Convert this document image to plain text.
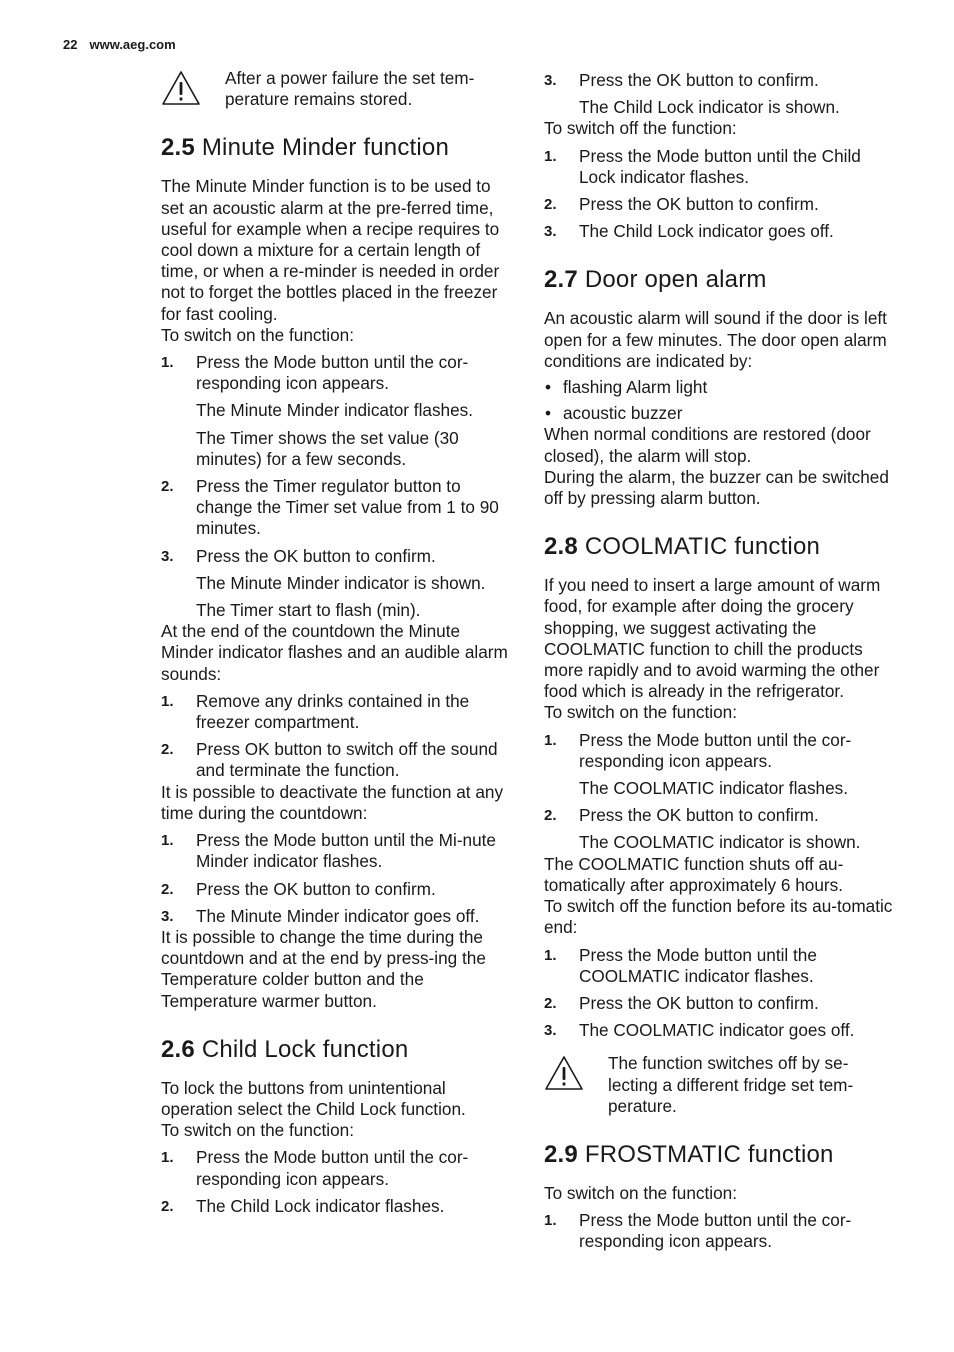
22 www.aeg.com

After a power failure the set tem-perature remains stored.

2.5 Minute Minder function

The Minute Minder function is to be used to set an acoustic alarm at the pre-ferred time, useful for example when a recipe requires to cool down a mixture for a certain length of time, or when a re-minder is needed in order not to forget the bottles placed in the freezer for fast cooling.

To switch on the function:

1. Press the Mode button until the cor-responding icon appears.
The Minute Minder indicator flashes.
The Timer shows the set value (30 minutes) for a few seconds.
2. Press the Timer regulator button to change the Timer set value from 1 to 90 minutes.
3. Press the OK button to confirm.
The Minute Minder indicator is shown.
The Timer start to flash (min).

At the end of the countdown the Minute Minder indicator flashes and an audible alarm sounds:

1. Remove any drinks contained in the freezer compartment.
2. Press OK button to switch off the sound and terminate the function.

It is possible to deactivate the function at any time during the countdown:

1. Press the Mode button until the Mi-nute Minder indicator flashes.
2. Press the OK button to confirm.
3. The Minute Minder indicator goes off.

It is possible to change the time during the countdown and at the end by press-ing the Temperature colder button and the Temperature warmer button.

2.6 Child Lock function

To lock the buttons from unintentional operation select the Child Lock function.

To switch on the function:

1. Press the Mode button until the cor-responding icon appears.
2. The Child Lock indicator flashes.
3. Press the OK button to confirm.
The Child Lock indicator is shown.

To switch off the function:

1. Press the Mode button until the Child Lock indicator flashes.
2. Press the OK button to confirm.
3. The Child Lock indicator goes off.
2.7 Door open alarm

An acoustic alarm will sound if the door is left open for a few minutes. The door open alarm conditions are indicated by:

• flashing Alarm light
• acoustic buzzer

When normal conditions are restored (door closed), the alarm will stop.

During the alarm, the buzzer can be switched off by pressing alarm button.

2.8 COOLMATIC function

If you need to insert a large amount of warm food, for example after doing the grocery shopping, we suggest activating the COOLMATIC function to chill the products more rapidly and to avoid warming the other food which is already in the refrigerator.

To switch on the function:

1. Press the Mode button until the cor-responding icon appears.
The COOLMATIC indicator flashes.
2. Press the OK button to confirm.
The COOLMATIC indicator is shown.

The COOLMATIC function shuts off au-tomatically after approximately 6 hours.

To switch off the function before its au-tomatic end:

1. Press the Mode button until the COOLMATIC indicator flashes.
2. Press the OK button to confirm.
3. The COOLMATIC indicator goes off.

The function switches off by se-lecting a different fridge set tem-perature.

2.9 FROSTMATIC function

To switch on the function:

1. Press the Mode button until the cor-responding icon appears.
